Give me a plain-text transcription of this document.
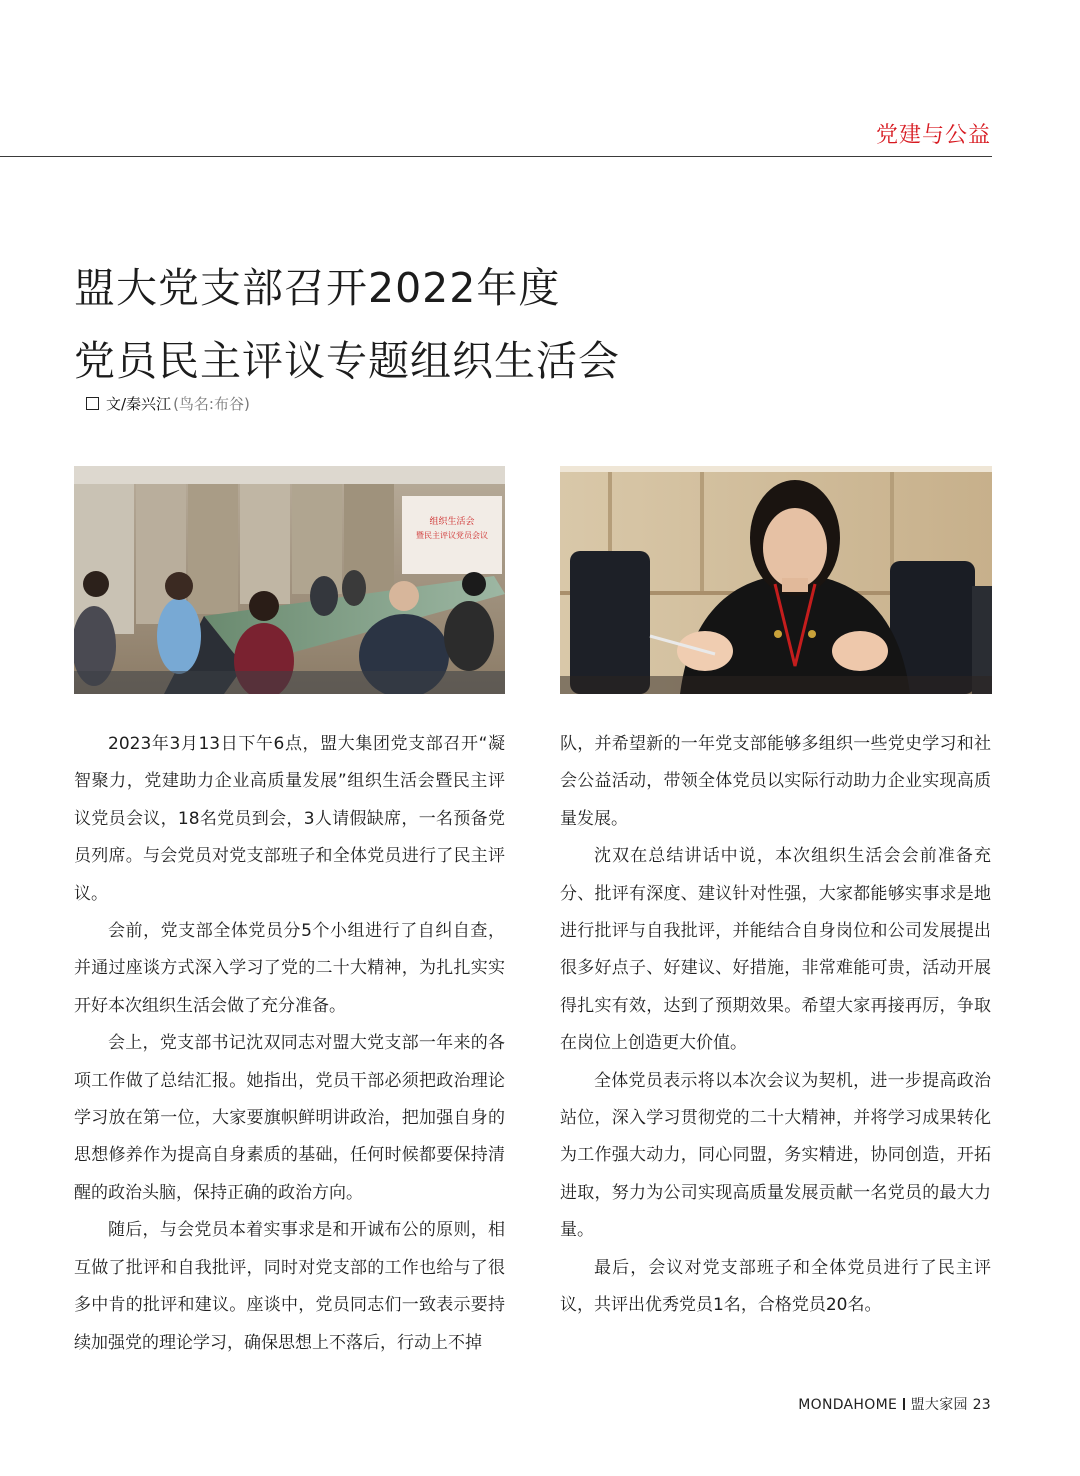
党建与公益
盟大党支部召开2022年度
党员民主评议专题组织生活会
文/秦兴江 (鸟名:布谷)
组织生活会
暨民主评议党员会议

2023年3月13日下午6点，盟大集团党支部召开“凝智聚力，党建助力企业高质量发展”组织生活会暨民主评议党员会议，18名党员到会，3人请假缺席，一名预备党员列席。与会党员对党支部班子和全体党员进行了民主评议。

会前，党支部全体党员分5个小组进行了自纠自查，并通过座谈方式深入学习了党的二十大精神，为扎扎实实开好本次组织生活会做了充分准备。

会上，党支部书记沈双同志对盟大党支部一年来的各项工作做了总结汇报。她指出，党员干部必须把政治理论学习放在第一位，大家要旗帜鲜明讲政治，把加强自身的思想修养作为提高自身素质的基础，任何时候都要保持清醒的政治头脑，保持正确的政治方向。

随后，与会党员本着实事求是和开诚布公的原则，相互做了批评和自我批评，同时对党支部的工作也给与了很多中肯的批评和建议。座谈中，党员同志们一致表示要持续加强党的理论学习，确保思想上不落后，行动上不掉

队，并希望新的一年党支部能够多组织一些党史学习和社会公益活动，带领全体党员以实际行动助力企业实现高质量发展。

沈双在总结讲话中说，本次组织生活会会前准备充分、批评有深度、建议针对性强，大家都能够实事求是地进行批评与自我批评，并能结合自身岗位和公司发展提出很多好点子、好建议、好措施，非常难能可贵，活动开展得扎实有效，达到了预期效果。希望大家再接再厉，争取在岗位上创造更大价值。

全体党员表示将以本次会议为契机，进一步提高政治站位，深入学习贯彻党的二十大精神，并将学习成果转化为工作强大动力，同心同盟，务实精进，协同创造，开拓进取，努力为公司实现高质量发展贡献一名党员的最大力量。

最后，会议对党支部班子和全体党员进行了民主评议，共评出优秀党员1名，合格党员20名。

MONDAHOME 盟大家园 23
